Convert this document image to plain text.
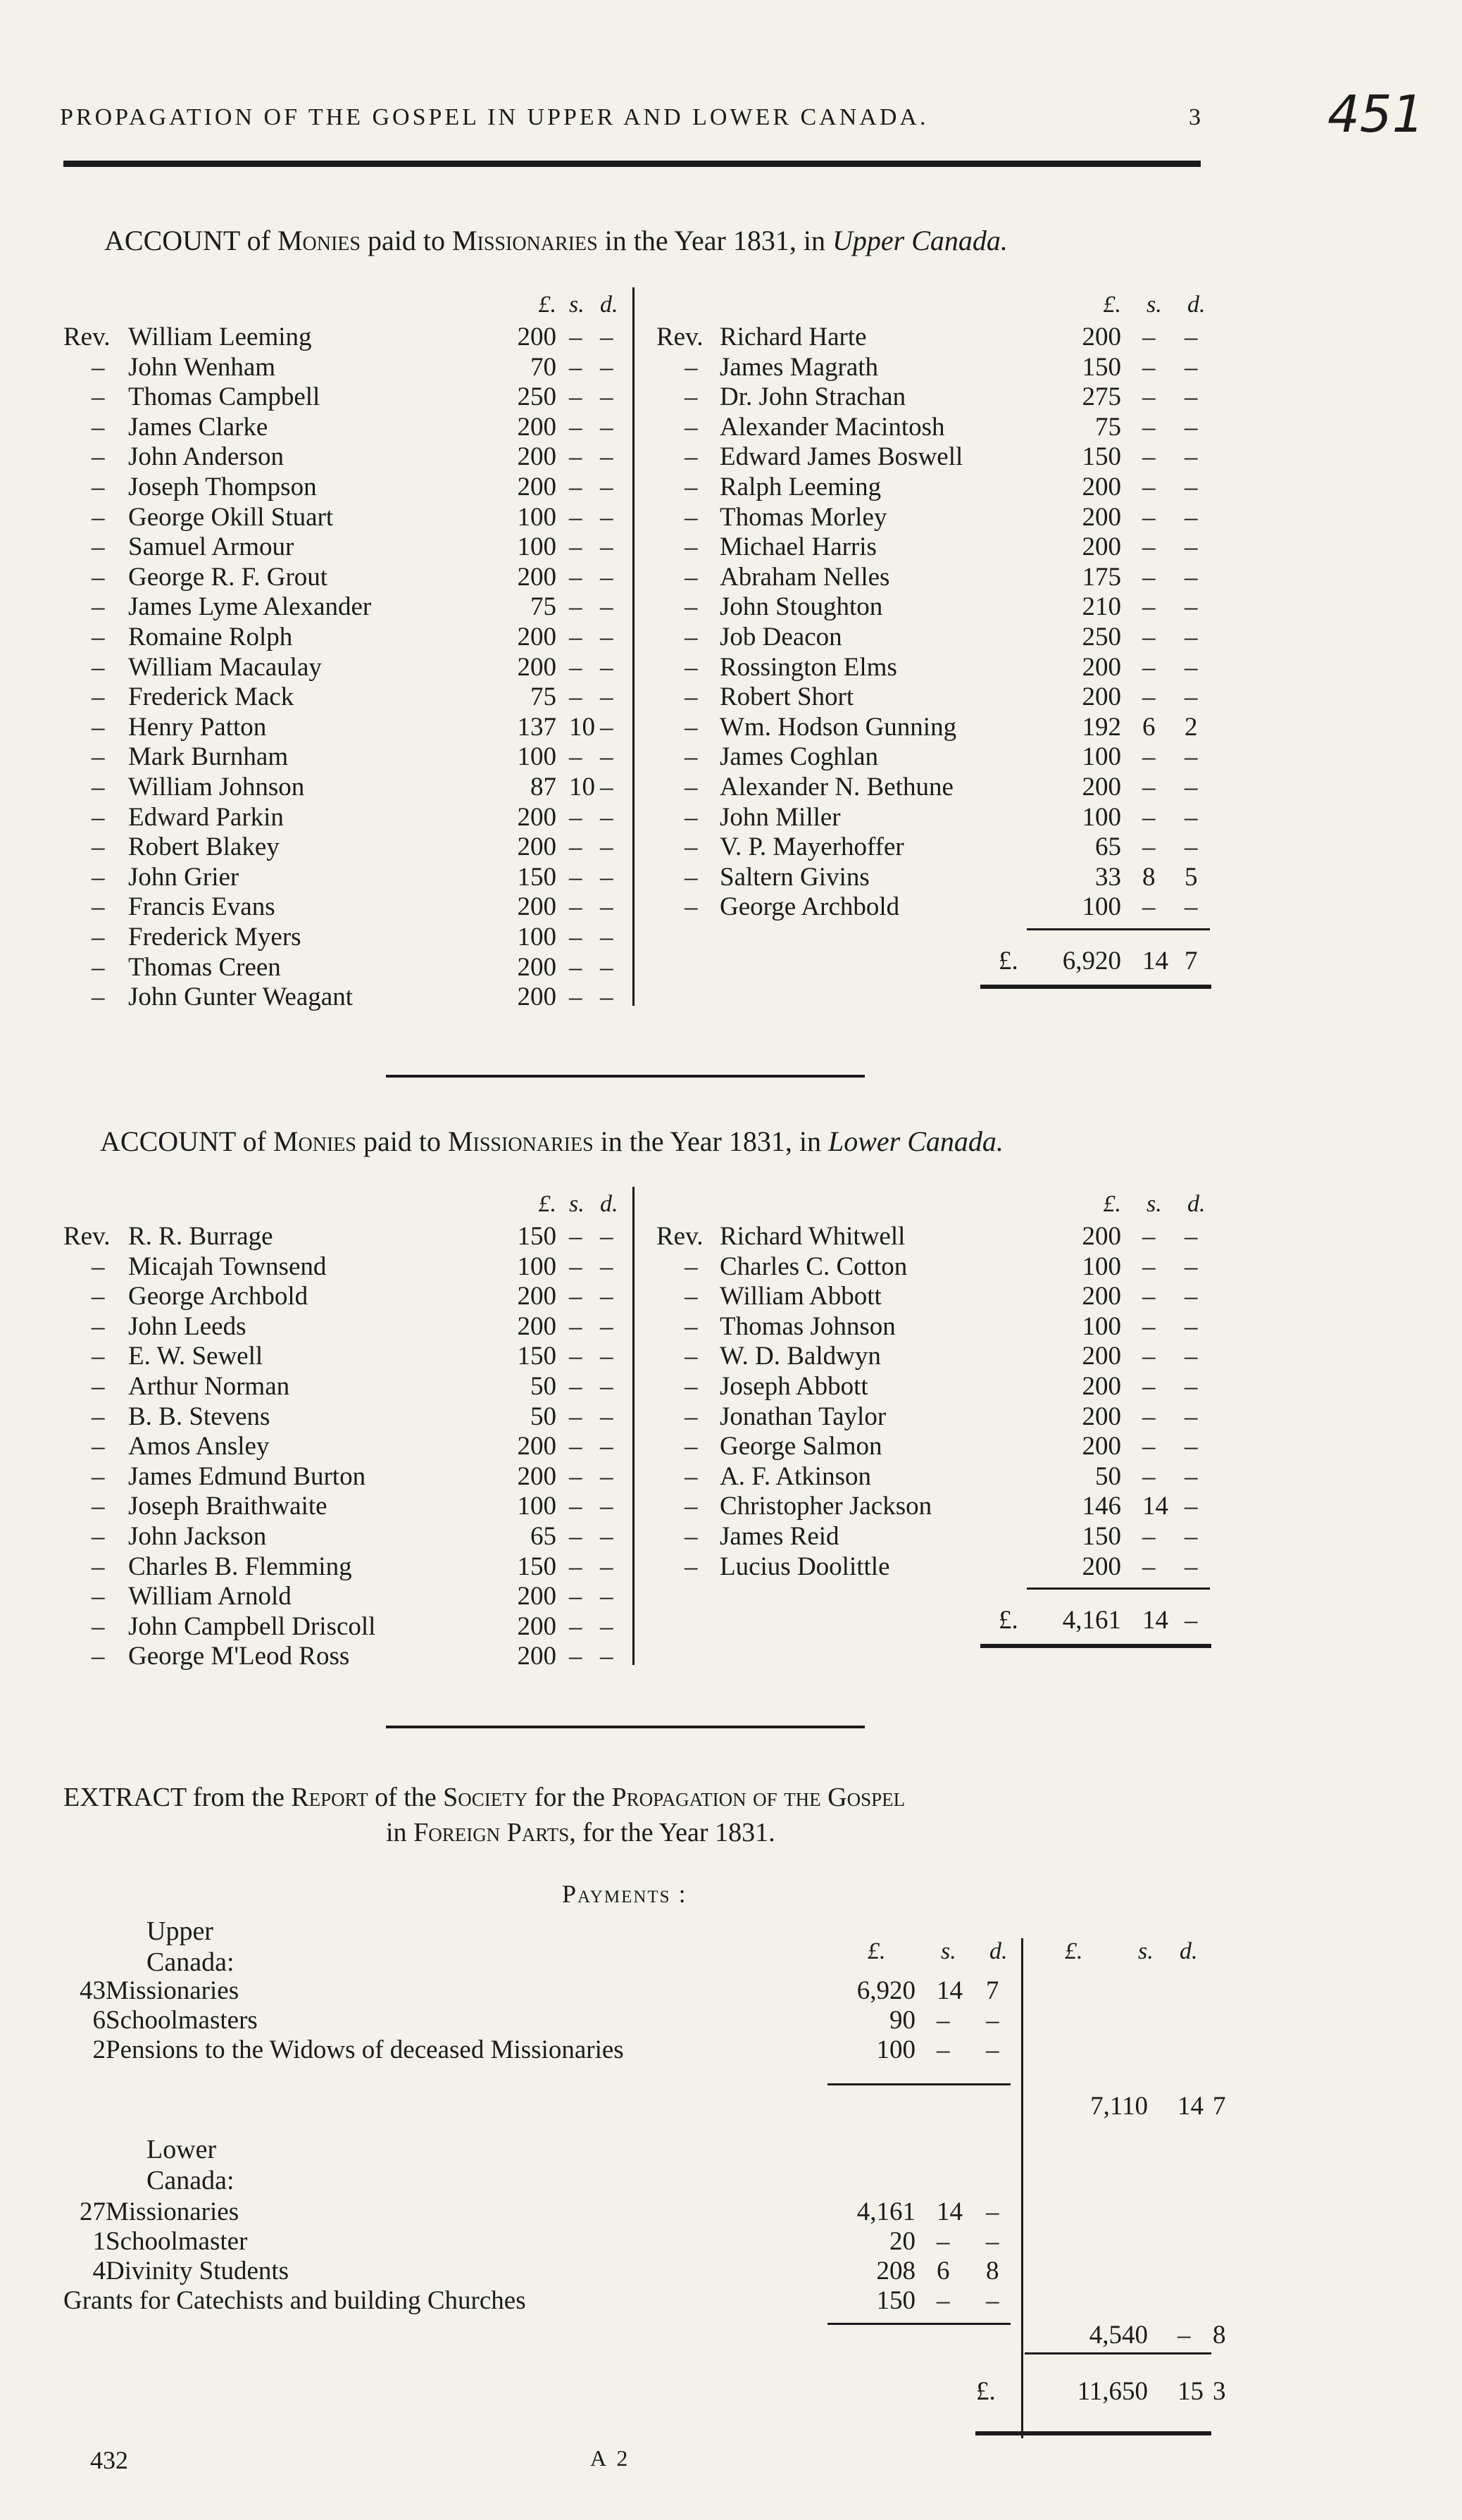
PROPAGATION OF THE GOSPEL IN UPPER AND LOWER CANADA.	3	451
ACCOUNT of Monies paid to Missionaries in the Year 1831, in Upper Canada.
£. s. d.	£. s. d.
Rev. William Leeming	200 – –
– John Wenham	70 – –
– Thomas Campbell	250 – –
– James Clarke	200 – –
– John Anderson	200 – –
– Joseph Thompson	200 – –
– George Okill Stuart	100 – –
– Samuel Armour	100 – –
– George R. F. Grout	200 – –
– James Lyme Alexander	75 – –
– Romaine Rolph	200 – –
– William Macaulay	200 – –
– Frederick Mack	75 – –
– Henry Patton	137 10 –
– Mark Burnham	100 – –
– William Johnson	87 10 –
– Edward Parkin	200 – –
– Robert Blakey	200 – –
– John Grier	150 – –
– Francis Evans	200 – –
– Frederick Myers	100 – –
– Thomas Creen	200 – –
– John Gunter Weagant	200 – –
Rev. Richard Harte	200 – –
– James Magrath	150 – –
– Dr. John Strachan	275 – –
– Alexander Macintosh	75 – –
– Edward James Boswell	150 – –
– Ralph Leeming	200 – –
– Thomas Morley	200 – –
– Michael Harris	200 – –
– Abraham Nelles	175 – –
– John Stoughton	210 – –
– Job Deacon	250 – –
– Rossington Elms	200 – –
– Robert Short	200 – –
– Wm. Hodson Gunning	192 6 2
– James Coghlan	100 – –
– Alexander N. Bethune	200 – –
– John Miller	100 – –
– V. P. Mayerhoffer	65 – –
– Saltern Givins	33 8 5
– George Archbold	100 – –
£.	6,920 14 7
ACCOUNT of Monies paid to Missionaries in the Year 1831, in Lower Canada.
£. s. d.	£. s. d.
Rev. R. R. Burrage	150 – –
– Micajah Townsend	100 – –
– George Archbold	200 – –
– John Leeds	200 – –
– E. W. Sewell	150 – –
– Arthur Norman	50 – –
– B. B. Stevens	50 – –
– Amos Ansley	200 – –
– James Edmund Burton	200 – –
– Joseph Braithwaite	100 – –
– John Jackson	65 – –
– Charles B. Flemming	150 – –
– William Arnold	200 – –
– John Campbell Driscoll	200 – –
– George M'Leod Ross	200 – –
Rev. Richard Whitwell	200 – –
– Charles C. Cotton	100 – –
– William Abbott	200 – –
– Thomas Johnson	100 – –
– W. D. Baldwyn	200 – –
– Joseph Abbott	200 – –
– Jonathan Taylor	200 – –
– George Salmon	200 – –
– A. F. Atkinson	50 – –
– Christopher Jackson	146 14 –
– James Reid	150 – –
– Lucius Doolittle	200 – –
£.	4,161 14 –
EXTRACT from the Report of the Society for the Propagation of the Gospel
in Foreign Parts, for the Year 1831.
Payments :
£. s. d. £. s. d.
Upper Canada:
43 Missionaries	6,920 14 7
6 Schoolmasters	90 – –
2 Pensions to the Widows of deceased Missionaries	100 – –
7,110 14 7
Lower Canada:
27 Missionaries	4,161 14 –
1 Schoolmaster	20 – –
4 Divinity Students	208 6 8
Grants for Catechists and building Churches	150 – –
4,540 – 8
£.	11,650 15 3
432	A 2
